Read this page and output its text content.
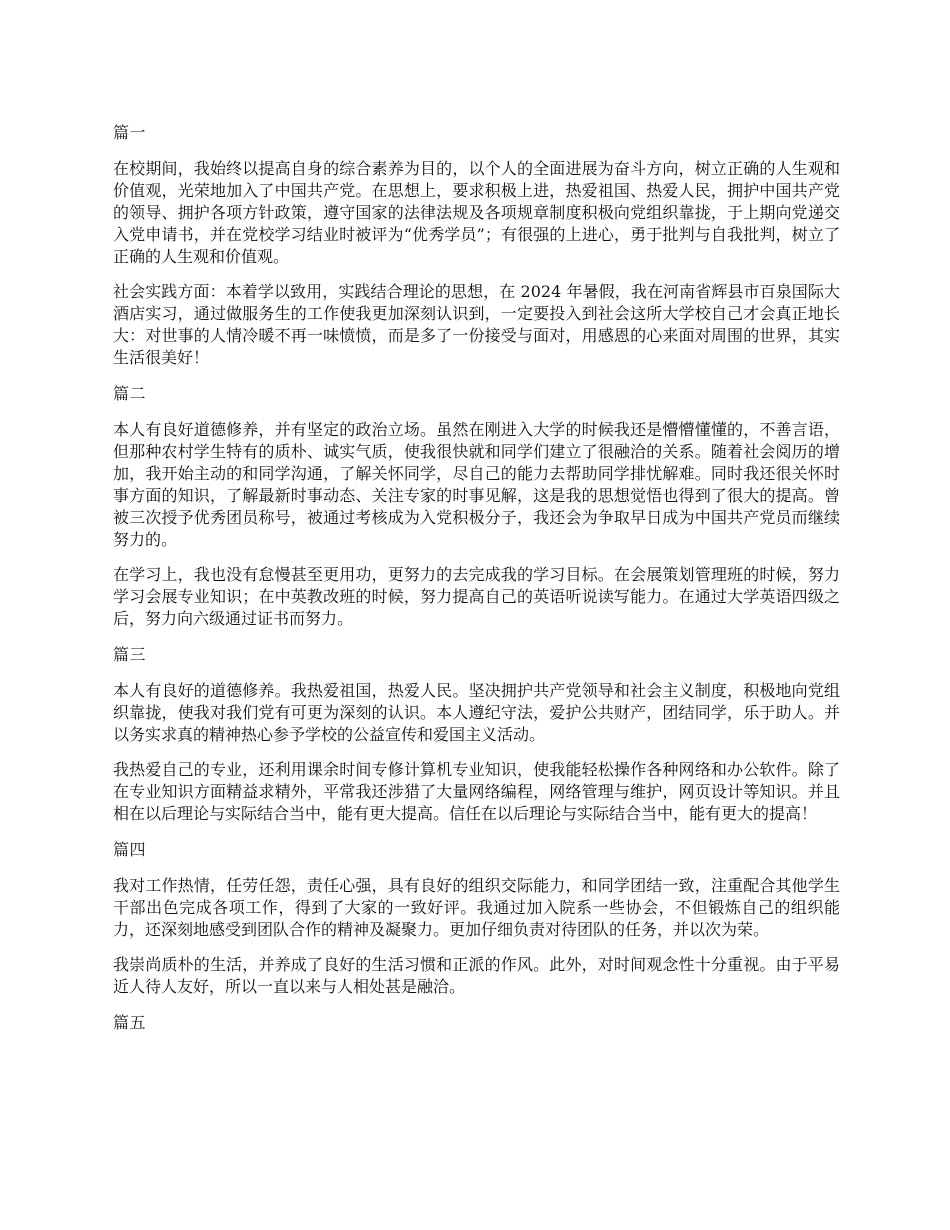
篇一

在校期间，我始终以提高自身的综合素养为目的，以个人的全面进展为奋斗方向，树立正确的人生观和价值观，光荣地加入了中国共产党。在思想上，要求积极上进，热爱祖国、热爱人民，拥护中国共产党的领导、拥护各项方针政策，遵守国家的法律法规及各项规章制度积极向党组织靠拢，于上期向党递交入党申请书，并在党校学习结业时被评为“优秀学员”；有很强的上进心，勇于批判与自我批判，树立了正确的人生观和价值观。

社会实践方面：本着学以致用，实践结合理论的思想，在 2024 年暑假，我在河南省辉县市百泉国际大酒店实习，通过做服务生的工作使我更加深刻认识到，一定要投入到社会这所大学校自己才会真正地长大：对世事的人情冷暖不再一味愤愤，而是多了一份接受与面对，用感恩的心来面对周围的世界，其实生活很美好！

篇二

本人有良好道德修养，并有坚定的政治立场。虽然在刚进入大学的时候我还是懵懵懂懂的，不善言语，但那种农村学生特有的质朴、诚实气质，使我很快就和同学们建立了很融洽的关系。随着社会阅历的增加，我开始主动的和同学沟通，了解关怀同学，尽自己的能力去帮助同学排忧解难。同时我还很关怀时事方面的知识，了解最新时事动态、关注专家的时事见解，这是我的思想觉悟也得到了很大的提高。曾被三次授予优秀团员称号，被通过考核成为入党积极分子，我还会为争取早日成为中国共产党员而继续努力的。

在学习上，我也没有怠慢甚至更用功，更努力的去完成我的学习目标。在会展策划管理班的时候，努力学习会展专业知识；在中英教改班的时候，努力提高自己的英语听说读写能力。在通过大学英语四级之后，努力向六级通过证书而努力。

篇三

本人有良好的道德修养。我热爱祖国，热爱人民。坚决拥护共产党领导和社会主义制度，积极地向党组织靠拢，使我对我们党有可更为深刻的认识。本人遵纪守法，爱护公共财产，团结同学，乐于助人。并以务实求真的精神热心参予学校的公益宣传和爱国主义活动。

我热爱自己的专业，还利用课余时间专修计算机专业知识，使我能轻松操作各种网络和办公软件。除了在专业知识方面精益求精外，平常我还涉猎了大量网络编程，网络管理与维护，网页设计等知识。并且相在以后理论与实际结合当中，能有更大提高。信任在以后理论与实际结合当中，能有更大的提高！

篇四

我对工作热情，任劳任怨，责任心强，具有良好的组织交际能力，和同学团结一致，注重配合其他学生干部出色完成各项工作，得到了大家的一致好评。我通过加入院系一些协会，不但锻炼自己的组织能力，还深刻地感受到团队合作的精神及凝聚力。更加仔细负责对待团队的任务，并以次为荣。

我崇尚质朴的生活，并养成了良好的生活习惯和正派的作风。此外，对时间观念性十分重视。由于平易近人待人友好，所以一直以来与人相处甚是融洽。

篇五
